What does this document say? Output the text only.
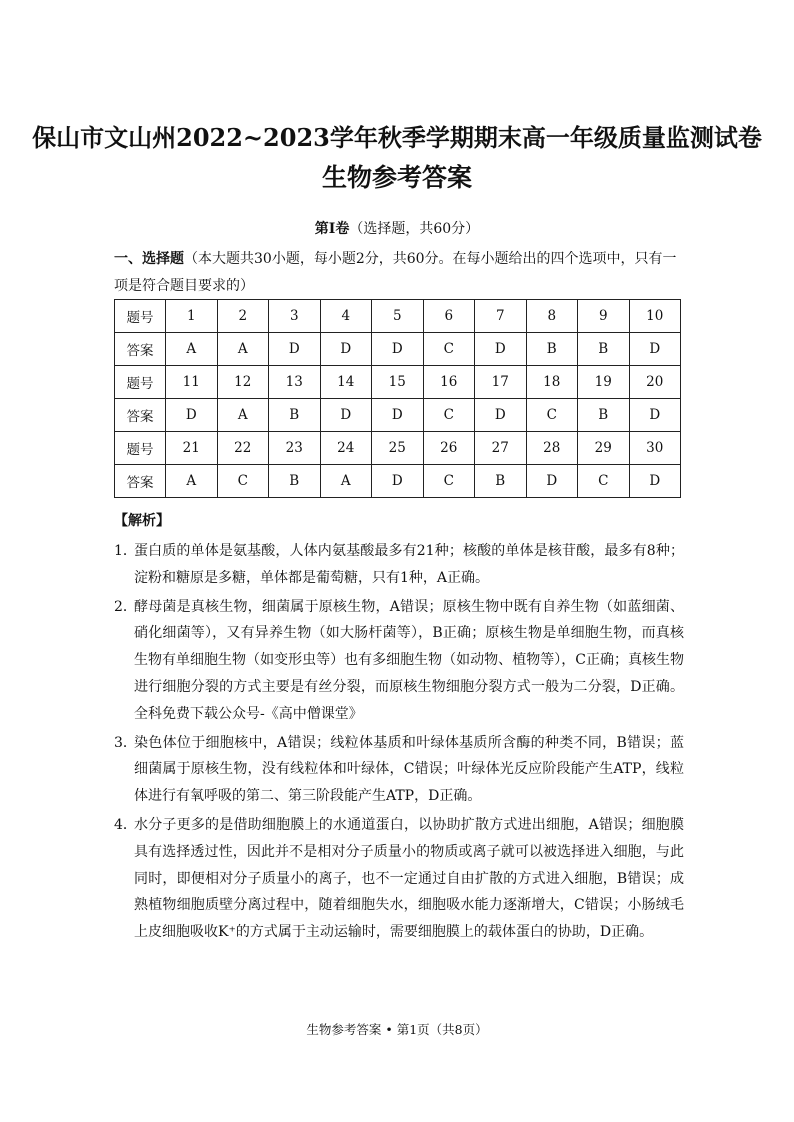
保山市文山州2022~2023学年秋季学期期末高一年级质量监测试卷
生物参考答案
第Ⅰ卷（选择题，共60分）

一、选择题（本大题共30小题，每小题2分，共60分。在每小题给出的四个选项中，只有一项是符合题目要求的）

题号	1	2	3	4	5	6	7	8	9	10
答案	A	A	D	D	D	C	D	B	B	D
题号	11	12	13	14	15	16	17	18	19	20
答案	D	A	B	D	D	C	D	C	B	D
题号	21	22	23	24	25	26	27	28	29	30
答案	A	C	B	A	D	C	B	D	C	D
【解析】
1．
蛋白质的单体是氨基酸，人体内氨基酸最多有21种；核酸的单体是核苷酸，最多有8种；淀粉和糖原是多糖，单体都是葡萄糖，只有1种，A正确。
2．
酵母菌是真核生物，细菌属于原核生物，A错误；原核生物中既有自养生物（如蓝细菌、硝化细菌等），又有异养生物（如大肠杆菌等），B正确；原核生物是单细胞生物，而真核生物有单细胞生物（如变形虫等）也有多细胞生物（如动物、植物等），C正确；真核生物进行细胞分裂的方式主要是有丝分裂，而原核生物细胞分裂方式一般为二分裂，D正确。 全科免费下载公众号-《高中僧课堂》
3．
染色体位于细胞核中，A错误；线粒体基质和叶绿体基质所含酶的种类不同，B错误；蓝细菌属于原核生物，没有线粒体和叶绿体，C错误；叶绿体光反应阶段能产生ATP，线粒体进行有氧呼吸的第二、第三阶段能产生ATP，D正确。
4．
水分子更多的是借助细胞膜上的水通道蛋白，以协助扩散方式进出细胞，A错误；细胞膜具有选择透过性，因此并不是相对分子质量小的物质或离子就可以被选择进入细胞，与此同时，即便相对分子质量小的离子，也不一定通过自由扩散的方式进入细胞，B错误；成熟植物细胞质壁分离过程中，随着细胞失水，细胞吸水能力逐渐增大，C错误；小肠绒毛上皮细胞吸收K⁺的方式属于主动运输时，需要细胞膜上的载体蛋白的协助，D正确。
生物参考答案 • 第1页（共8页）
